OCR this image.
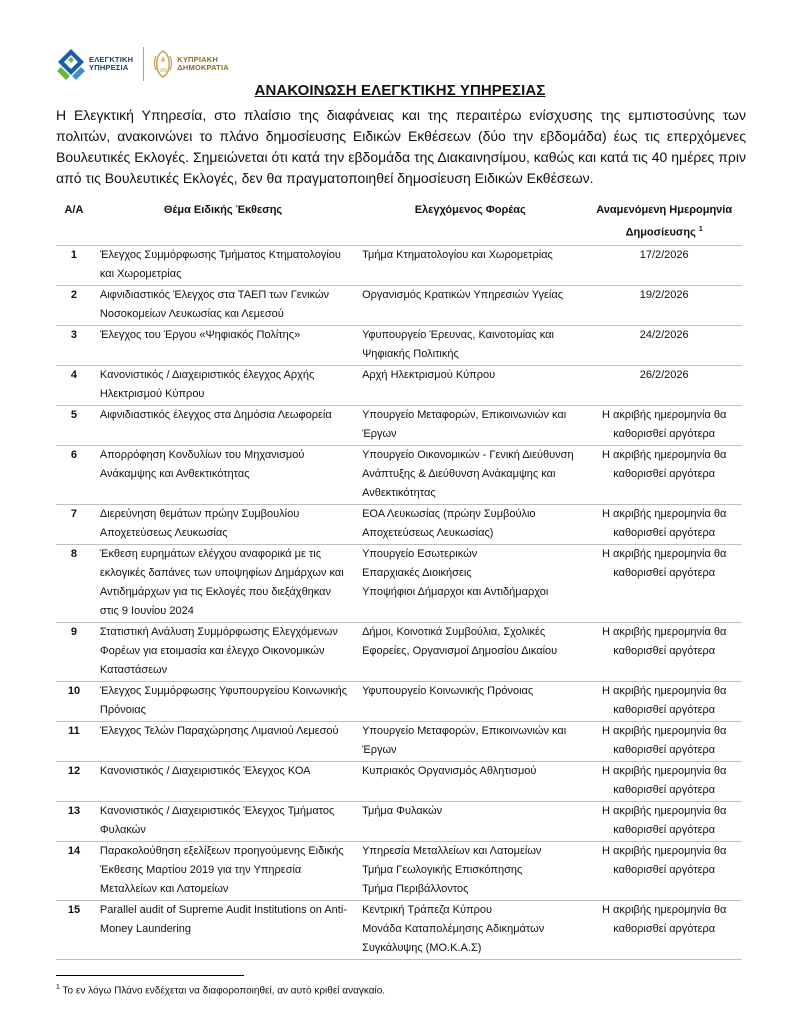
ΕΛΕΓΚΤΙΚΗ
ΥΠΗΡΕΣΙΑ	1960
ΚΥΠΡΙΑΚΗ
ΔΗΜΟΚΡΑΤΙΑ
ΑΝΑΚΟΙΝΩΣΗ ΕΛΕΓΚΤΙΚΗΣ ΥΠΗΡΕΣΙΑΣ
Η Ελεγκτική Υπηρεσία, στο πλαίσιο της διαφάνειας και της περαιτέρω ενίσχυσης της εμπιστοσύνης των πολιτών, ανακοινώνει το πλάνο δημοσίευσης Ειδικών Εκθέσεων (δύο την εβδομάδα) έως τις επερχόμενες Βουλευτικές Εκλογές. Σημειώνεται ότι κατά την εβδομάδα της Διακαινησίμου, καθώς και κατά τις 40 ημέρες πριν από τις Βουλευτικές Εκλογές, δεν θα πραγματοποιηθεί δημοσίευση Ειδικών Εκθέσεων.
Α/Α	Θέμα Ειδικής Έκθεσης	Ελεγχόμενος Φορέας	Αναμενόμενη Ημερομηνία Δημοσίευσης $^1$
1	Έλεγχος Συμμόρφωσης Τμήματος Κτηματολογίου και Χωρομετρίας	Τμήμα Κτηματολογίου και Χωρομετρίας	17/2/2026
2	Αιφνιδιαστικός Έλεγχος στα ΤΑΕΠ των Γενικών Νοσοκομείων Λευκωσίας και Λεμεσού	Οργανισμός Κρατικών Υπηρεσιών Υγείας	19/2/2026
3	Έλεγχος του Έργου «Ψηφιακός Πολίτης»	Υφυπουργείο Έρευνας, Καινοτομίας και Ψηφιακής Πολιτικής	24/2/2026
4	Κανονιστικός / Διαχειριστικός έλεγχος Αρχής Ηλεκτρισμού Κύπρου	Αρχή Ηλεκτρισμού Κύπρου	26/2/2026
5	Αιφνιδιαστικός έλεγχος στα Δημόσια Λεωφορεία	Υπουργείο Μεταφορών, Επικοινωνιών και Έργων	Η ακριβής ημερομηνία θα καθορισθεί αργότερα
6	Απορρόφηση Κονδυλίων του Μηχανισμού Ανάκαμψης και Ανθεκτικότητας	Υπουργείο Οικονομικών - Γενική Διεύθυνση Ανάπτυξης & Διεύθυνση Ανάκαμψης και Ανθεκτικότητας	Η ακριβής ημερομηνία θα καθορισθεί αργότερα
7	Διερεύνηση θεμάτων πρώην Συμβουλίου Αποχετεύσεως Λευκωσίας	ΕΟΑ Λευκωσίας (πρώην Συμβούλιο Αποχετεύσεως Λευκωσίας)	Η ακριβής ημερομηνία θα καθορισθεί αργότερα
8	Έκθεση ευρημάτων ελέγχου αναφορικά με τις εκλογικές δαπάνες των υποψηφίων Δημάρχων και Αντιδημάρχων για τις Εκλογές που διεξάχθηκαν στις 9 Ιουνίου 2024	Υπουργείο Εσωτερικών
Επαρχιακές Διοικήσεις
Υποψήφιοι Δήμαρχοι και Αντιδήμαρχοι	Η ακριβής ημερομηνία θα καθορισθεί αργότερα
9	Στατιστική Ανάλυση Συμμόρφωσης Ελεγχόμενων Φορέων για ετοιμασία και έλεγχο Οικονομικών Καταστάσεων	Δήμοι, Κοινοτικά Συμβούλια, Σχολικές Εφορείες, Οργανισμοί Δημοσίου Δικαίου	Η ακριβής ημερομηνία θα καθορισθεί αργότερα
10	Έλεγχος Συμμόρφωσης Υφυπουργείου Κοινωνικής Πρόνοιας	Υφυπουργείο Κοινωνικής Πρόνοιας	Η ακριβής ημερομηνία θα καθορισθεί αργότερα
11	Έλεγχος Τελών Παραχώρησης Λιμανιού Λεμεσού	Υπουργείο Μεταφορών, Επικοινωνιών και Έργων	Η ακριβής ημερομηνία θα καθορισθεί αργότερα
12	Κανονιστικός / Διαχειριστικός Έλεγχος ΚΟΑ	Κυπριακός Οργανισμός Αθλητισμού	Η ακριβής ημερομηνία θα καθορισθεί αργότερα
13	Κανονιστικός / Διαχειριστικός Έλεγχος Τμήματος Φυλακών	Τμήμα Φυλακών	Η ακριβής ημερομηνία θα καθορισθεί αργότερα
14	Παρακολούθηση εξελίξεων προηγούμενης Ειδικής Έκθεσης Μαρτίου 2019 για την Υπηρεσία Μεταλλείων και Λατομείων	Υπηρεσία Μεταλλείων και Λατομείων
Τμήμα Γεωλογικής Επισκόπησης
Τμήμα Περιβάλλοντος	Η ακριβής ημερομηνία θα καθορισθεί αργότερα
15	Parallel audit of Supreme Audit Institutions on Anti-Money Laundering	Κεντρική Τράπεζα Κύπρου
Μονάδα Καταπολέμησης Αδικημάτων Συγκάλυψης (ΜΟ.Κ.Α.Σ)	Η ακριβής ημερομηνία θα καθορισθεί αργότερα
$^1$ Το εν λόγω Πλάνο ενδέχεται να διαφοροποιηθεί, αν αυτό κριθεί αναγκαίο.
